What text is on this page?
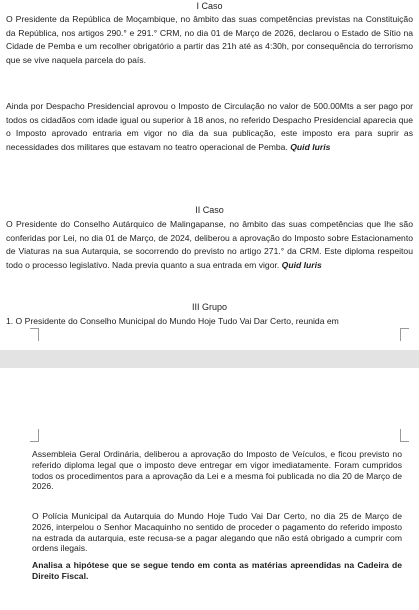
I Caso

O Presidente da República de Moçambique, no âmbito das suas competências previstas na Constituição da República, nos artigos 290.° e 291.° CRM, no dia 01 de Março de 2026, declarou o Estado de Sítio na Cidade de Pemba e um recolher obrigatório a partir das 21h até as 4:30h, por consequência do terrorismo que se vive naquela parcela do país.

Ainda por Despacho Presidencial aprovou o Imposto de Circulação no valor de 500.00Mts a ser pago por todos os cidadãos com idade igual ou superior à 18 anos, no referido Despacho Presidencial aparecia que o Imposto aprovado entraria em vigor no dia da sua publicação, este imposto era para suprir as necessidades dos militares que estavam no teatro operacional de Pemba. Quid Iuris

II Caso

O Presidente do Conselho Autárquico de Malingapanse, no âmbito das suas competências que lhe são conferidas por Lei, no dia 01 de Março, de 2024, deliberou a aprovação do Imposto sobre Estacionamento de Viaturas na sua Autarquia, se socorrendo do previsto no artigo 271.° da CRM. Este diploma respeitou todo o processo legislativo. Nada previa quanto a sua entrada em vigor. Quid Iuris

III Grupo

1. O Presidente do Conselho Municipal do Mundo Hoje Tudo Vai Dar Certo, reunida em

Assembleia Geral Ordinária, deliberou a aprovação do Imposto de Veículos, e ficou previsto no referido diploma legal que o imposto deve entregar em vigor imediatamente. Foram cumpridos todos os procedimentos para a aprovação da Lei e a mesma foi publicada no dia 20 de Março de 2026.

O Polícia Municipal da Autarquia do Mundo Hoje Tudo Vai Dar Certo, no dia 25 de Março de 2026, interpelou o Senhor Macaquinho no sentido de proceder o pagamento do referido imposto na estrada da autarquia, este recusa-se a pagar alegando que não está obrigado a cumprir com ordens ilegais.

Analisa a hipótese que se segue tendo em conta as matérias apreendidas na Cadeira de Direito Fiscal.
